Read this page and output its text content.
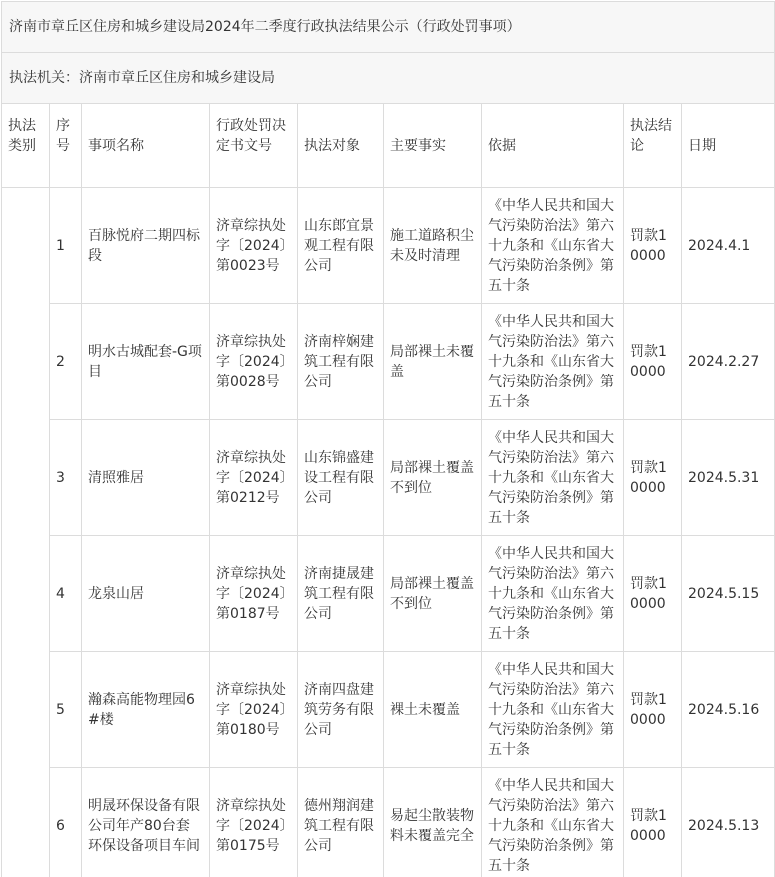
济南市章丘区住房和城乡建设局2024年二季度行政执法结果公示（行政处罚事项）								
执法机关：济南市章丘区住房和城乡建设局								
执法类别	序号	事项名称	行政处罚决定书文号	执法对象	主要事实	依据	执法结论	日期
	1	百脉悦府二期四标段	济章综执处字〔2024〕第0023号	山东郎宜景观工程有限公司	施工道路积尘未及时清理	《中华人民共和国大气污染防治法》第六十九条和《山东省大气污染防治条例》第五十条	罚款10000	2024.4.1
	2	明水古城配套-G项目	济章综执处字〔2024〕第0028号	济南梓娴建筑工程有限公司	局部裸土未覆盖	《中华人民共和国大气污染防治法》第六十九条和《山东省大气污染防治条例》第五十条	罚款10000	2024.2.27
	3	清照雅居	济章综执处字〔2024〕第0212号	山东锦盛建设工程有限公司	局部裸土覆盖不到位	《中华人民共和国大气污染防治法》第六十九条和《山东省大气污染防治条例》第五十条	罚款10000	2024.5.31
	4	龙泉山居	济章综执处字〔2024〕第0187号	济南捷晟建筑工程有限公司	局部裸土覆盖不到位	《中华人民共和国大气污染防治法》第六十九条和《山东省大气污染防治条例》第五十条	罚款10000	2024.5.15
	5	瀚森高能物理园6#楼	济章综执处字〔2024〕第0180号	济南四盘建筑劳务有限公司	裸土未覆盖	《中华人民共和国大气污染防治法》第六十九条和《山东省大气污染防治条例》第五十条	罚款10000	2024.5.16
	6	明晟环保设备有限公司年产80台套环保设备项目车间	济章综执处字〔2024〕第0175号	德州翔润建筑工程有限公司	易起尘散装物料未覆盖完全	《中华人民共和国大气污染防治法》第六十九条和《山东省大气污染防治条例》第五十条	罚款10000	2024.5.13
